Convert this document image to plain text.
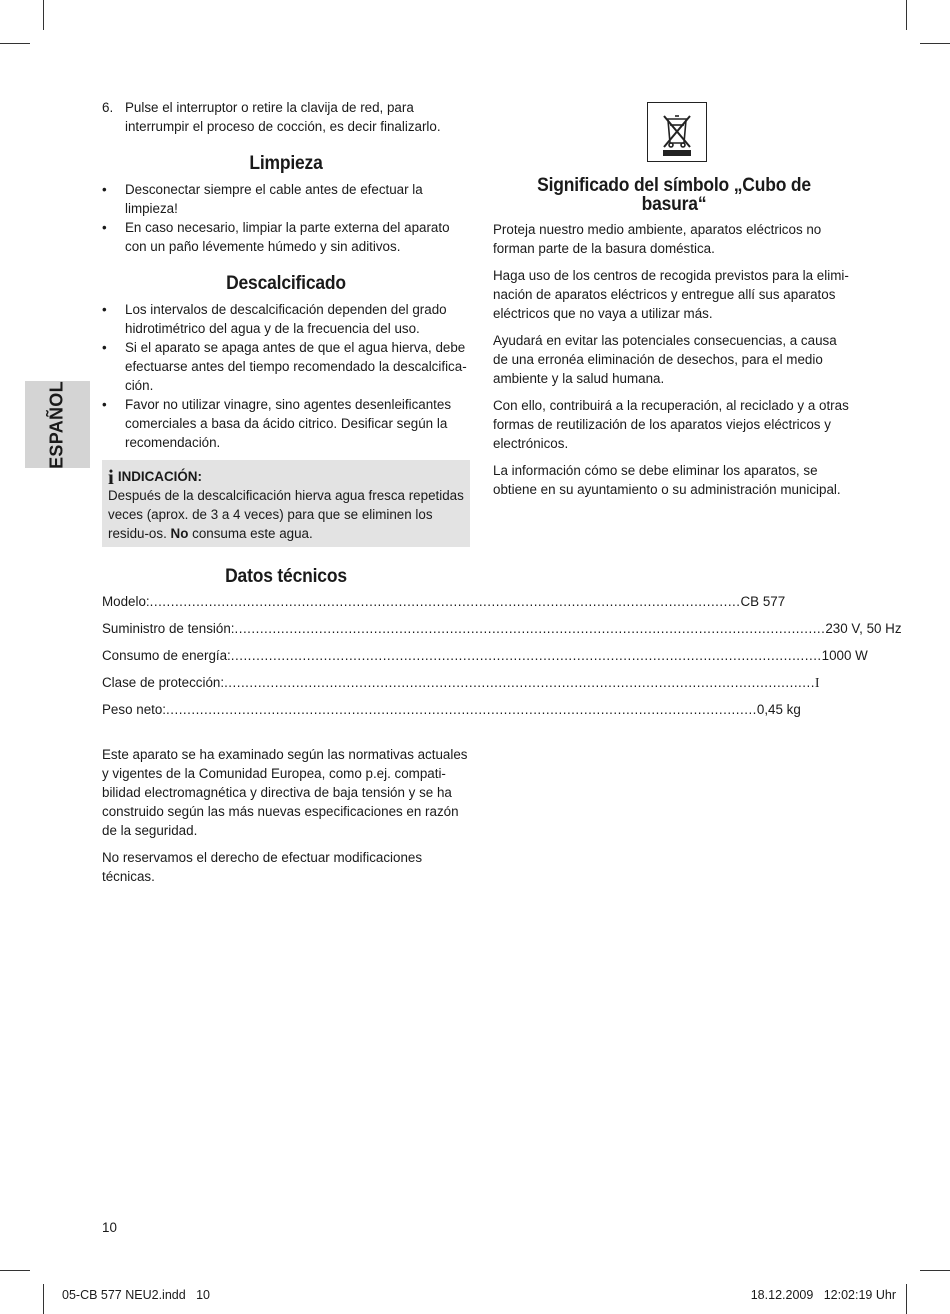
ESPAÑOL
6. Pulse el interruptor o retire la clavija de red, para interrumpir el proceso de cocción, es decir finalizarlo.
Limpieza
•	Desconectar siempre el cable antes de efectuar la limpieza!
•	En caso necesario, limpiar la parte externa del aparato con un paño lévemente húmedo y sin aditivos.
Descalcificado
•	Los intervalos de descalcificación dependen del grado hidrotimétrico del agua y de la frecuencia del uso.
•	Si el aparato se apaga antes de que el agua hierva, debe efectuarse antes del tiempo recomendado la descalcifica-ción.
•	Favor no utilizar vinagre, sino agentes desenleificantes comerciales a basa da ácido citrico. Desificar según la recomendación.
i INDICACIÓN:
Después de la descalcificación hierva agua fresca repetidas veces (aprox. de 3 a 4 veces) para que se eliminen los residu-os. No consuma este agua.
Datos técnicos
Modelo: ............................................................................................................................................ CB 577
Suministro de tensión: ............................................................................................................................................ 230 V, 50 Hz
Consumo de energía: ............................................................................................................................................ 1000 W
Clase de protección: ............................................................................................................................................ I
Peso neto: ............................................................................................................................................ 0,45 kg

Este aparato se ha examinado según las normativas actuales y vigentes de la Comunidad Europea, como p.ej. compati-bilidad electromagnética y directiva de baja tensión y se ha construido según las más nuevas especificaciones en razón de la seguridad.

No reservamos el derecho de efectuar modificaciones técnicas.

Significado del símbolo „Cubo de basura“

Proteja nuestro medio ambiente, aparatos eléctricos no forman parte de la basura doméstica.

Haga uso de los centros de recogida previstos para la elimi-nación de aparatos eléctricos y entregue allí sus aparatos eléctricos que no vaya a utilizar más.

Ayudará en evitar las potenciales consecuencias, a causa de una erronéa eliminación de desechos, para el medio ambiente y la salud humana.

Con ello, contribuirá a la recuperación, al reciclado y a otras formas de reutilización de los aparatos viejos eléctricos y electrónicos.

La información cómo se debe eliminar los aparatos, se obtiene en su ayuntamiento o su administración municipal.

10
05-CB 577 NEU2.indd   10	18.12.2009   12:02:19 Uhr
